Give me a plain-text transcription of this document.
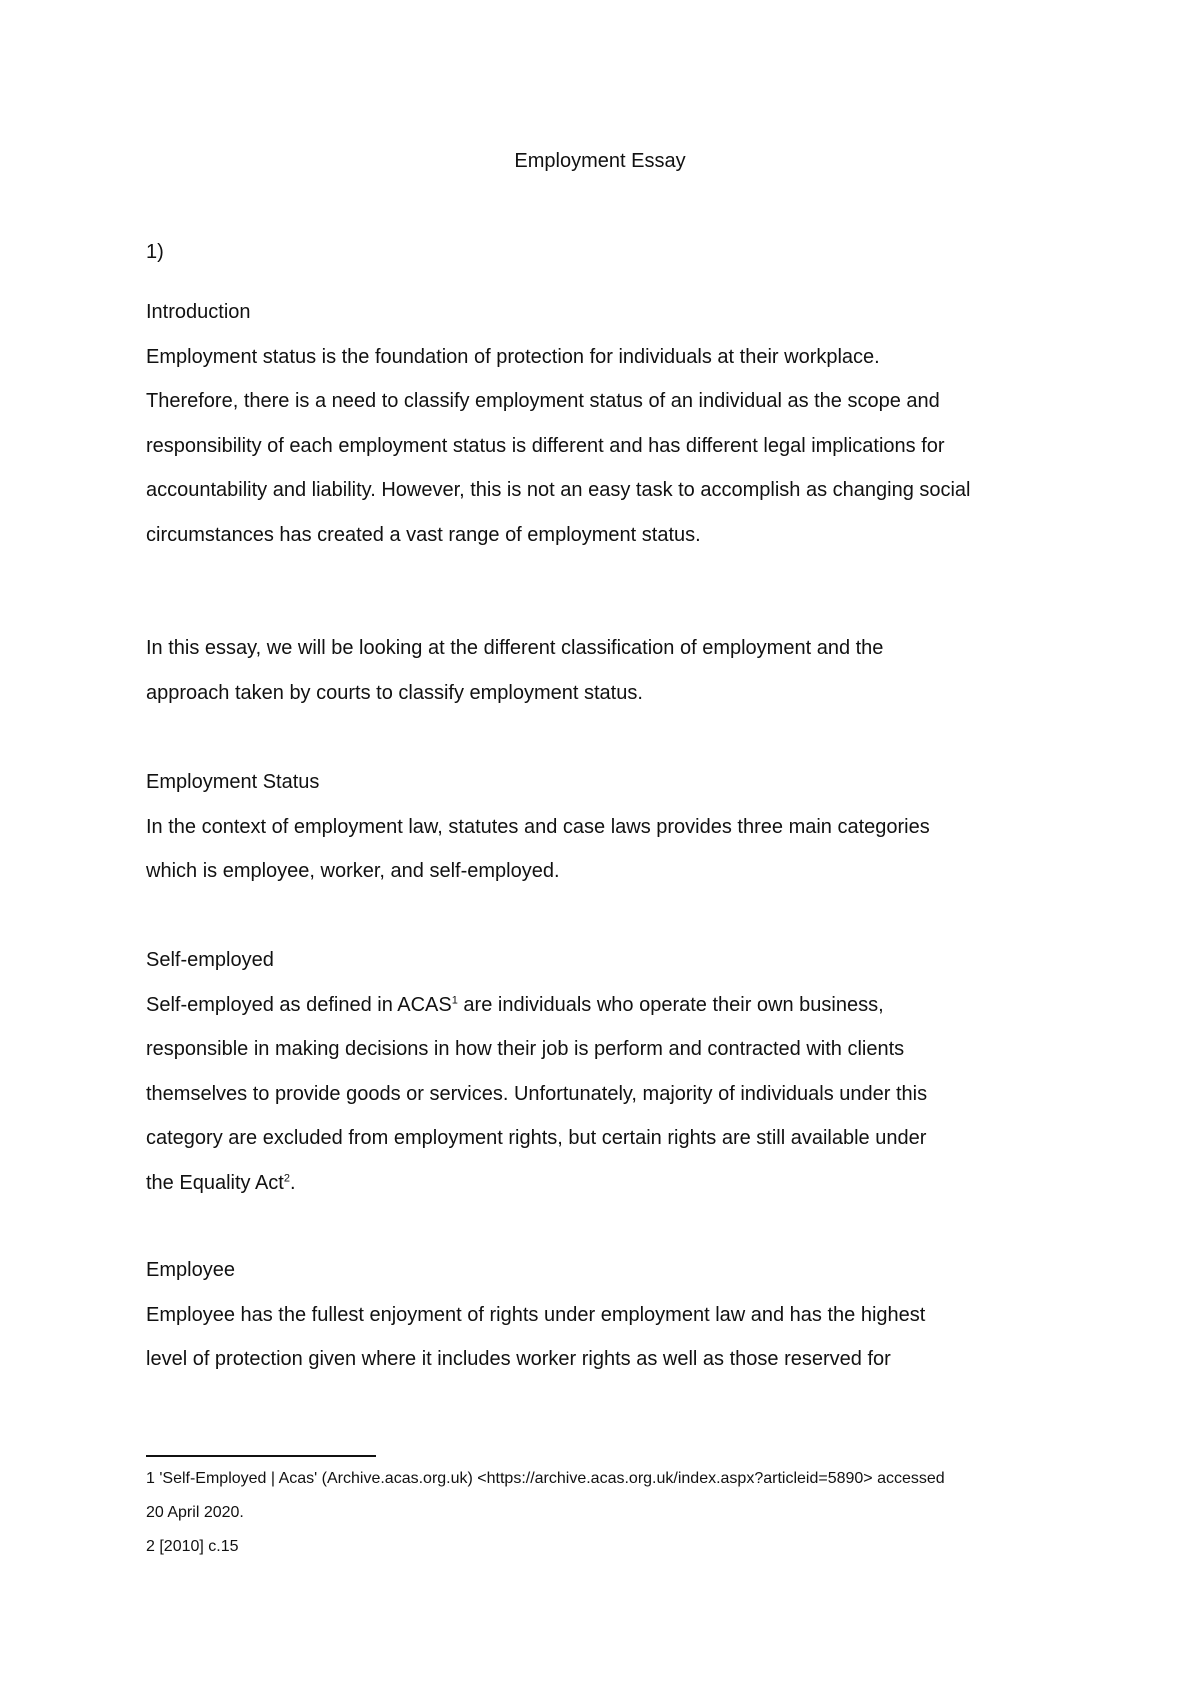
Employment Essay
1)
Introduction

Employment status is the foundation of protection for individuals at their workplace.
Therefore, there is a need to classify employment status of an individual as the scope and
responsibility of each employment status is different and has different legal implications for
accountability and liability. However, this is not an easy task to accomplish as changing social
circumstances has created a vast range of employment status.

In this essay, we will be looking at the different classification of employment and the
approach taken by courts to classify employment status.
Employment Status
In the context of employment law, statutes and case laws provides three main categories
which is employee, worker, and self-employed.
Self-employed
Self-employed as defined in ACAS$^1$ are individuals who operate their own business,
responsible in making decisions in how their job is perform and contracted with clients
themselves to provide goods or services. Unfortunately, majority of individuals under this
category are excluded from employment rights, but certain rights are still available under
the Equality Act$^2$.
Employee
Employee has the fullest enjoyment of rights under employment law and has the highest
level of protection given where it includes worker rights as well as those reserved for
1 'Self-Employed | Acas' (Archive.acas.org.uk) <https://archive.acas.org.uk/index.aspx?articleid=5890> accessed
20 April 2020.
2 [2010] c.15
